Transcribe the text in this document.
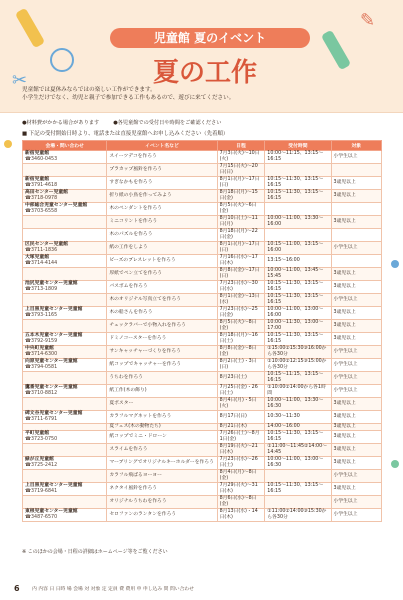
児童館 夏のイベント
夏の工作
✎
✂
児童館では夏休みならではの楽しい工作ができます。
小学生だけでなく、幼児と親子で参加できる工作もあるので、遊びに来てください。
●材料費がかかる場合があります	●各児童館での受付日や時間をご確認ください
■ 下記の受付開始日時より、電話または直接児童館へお申し込みください（先着順）
会場・問い合わせ	イベント名など	日程	受付時間	対象

新宿児童館
☎3460-0453	スイーツデコを作ろう	7月3日(火)～10日(火)	10:00～11:15、13:15～16:15	小学生以上

	プラカップ風鈴を作ろう	7月15日(火)～20日(日)		

新宿児童館
☎3791-4618	すぎなかもを作ろう	8月1日(月)～17日(日)	10:15～11:30、13:15～16:15	3歳児以上

高田センター児童館
☎3718-0978	折り紙の小鳥を作ってみよう	8月18日(月)～15日(金)	10:15～11:30、13:15～16:15	3歳児以上

中部総合児童センター児童館
☎3703-6558	木のペンダントを作ろう	8月5日(火)～6日(金)		

	ミニコリントを作ろう	8月10日(土)～11日(月)	10:00～11:00、13:30～16:00	3歳児以上

	木のパズルを作ろう	8月18日(月)～22日(金)		

区民センター児童館
☎3711-1836	紙の工作をしよう	8月1日(月)～17日(日)	10:15～11:00、13:15～16:00	小学生以上

大塚児童館
☎3714-4144	ビーズのブレスレットを作ろう	7月16日(水)～17日(木)	13:15～16:00	

	厚紙でペン立てを作ろう	8月8日(金)～17日(日)	10:00～11:00、13:45～15:45	3歳児以上

池尻児童センター児童館
☎3713-1809	バスボムを作ろう	7月23日(水)～30日(水)	10:15～11:30、13:15～16:15	3歳児以上

	木のオリジナル写真立てを作ろう	8月1日(金)～13日(水)	10:15～11:30、13:15～16:15	小学生以上

上目黒児童センター児童館
☎3793-1165	木の船さんを作ろう	7月23日(水)～25日(金)	10:00～11:00、13:00～16:00	3歳児以上

	チェックラバーで小物入れを作ろう	8月5日(火)～8日(金)	10:00～11:30、13:00～17:00	3歳児以上

五本木児童センター児童館
☎3792-9159	ドミノコースターを作ろう	8月18日(月)～16日(土)	10:15～11:30、13:15～16:15	3歳児以上

中央町児童館
☎3714-6300	サンキャッチャーづくりを作ろう	8月8日(金)～8日(金)	①15:00②15:30③16:00から各30分	小学生以上

向原児童センター児童館
☎3794-0581	紙コップでキャッチャーを作ろう	8月2日(土)・3日(日)	①10:00②12:15③15:00から各30分	小学生以上

	うちわを作ろう	8月23日(土)	10:15～11:15、13:15～16:15	小学生以上

鷹番児童センター児童館
☎3710-8812	紙工作(木の飾り)	7月25日(金)・26日(土)	①10:00②14:00から各1時間	小学生以上

	夏ポスター	8月4日(月)・5日(火)	10:00～11:00、13:30～16:30	3歳児以上

碑文谷児童センター児童館
☎3711-6791	カラフルマグネットを作ろう	8月17日(日)	10:30～11:30	3歳児以上

	夏フェス(木の動物たち)	8月21日(木)	14:00～16:00	3歳児以上

平町児童館
☎3723-0750	紙コップでミニ・ドローン	7月26日(土)～8月1日(金)	10:15～11:30、13:15～16:15	3歳児以上

	スライムを作ろう	8月19日(火)～21日(木)	①11:00～11:45②14:00～14:45	3歳児以上

緑が丘児童館
☎3725-2412	マーブリングでオリジナルキーホルダーを作ろう	7月23日(水)～26日(土)	10:00～11:00、13:00～16:30	3歳児以上

	カラフル飛ばるヨーヨー	8月4日(月)～8日(金)		小学生以上

上目黒児童センター児童館
☎3719-6841	ネクタイ風鈴を作ろう	7月29日(火)～31日(木)	10:15～11:30、13:15～16:15	3歳児以上

	オリジナルうちわを作ろう	8月6日(水)～8日(金)		小学生以上

東根児童センター児童館
☎3487-6570	セロファンのランタンを作ろう	8月13日(水)・14日(木)	①11:00②14:00③15:30から各30分	小学生以上
※ このほかの会場・日程の詳細はホームページ等をご覧ください
6	内 内容 日 日時 場 会場 対 対象 定 定員 費 費用 申 申し込み 問 問い合わせ
